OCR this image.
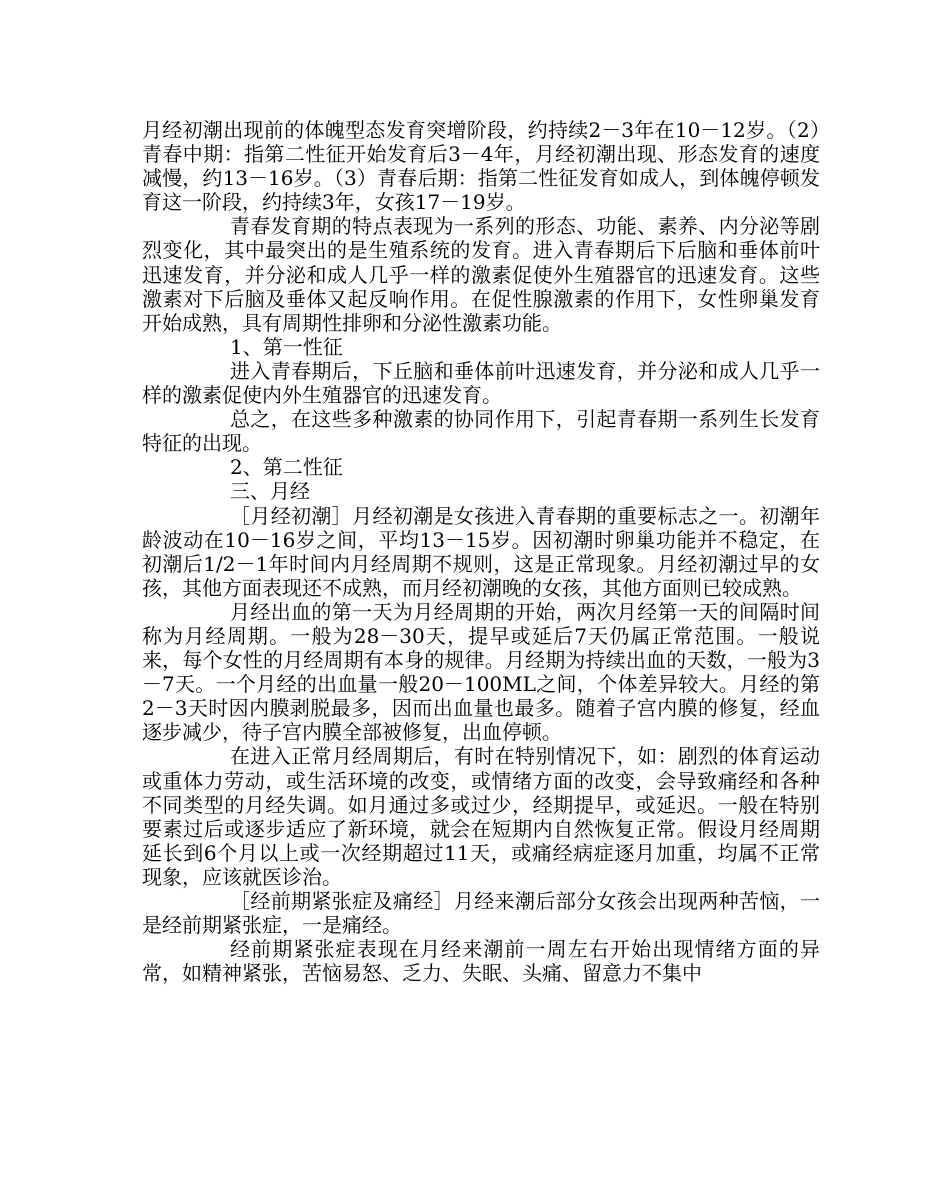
月经初潮出现前的体魄型态发育突增阶段，约持续2－3年在10－12岁。（2）青春中期：指第二性征开始发育后3－4年，月经初潮出现、形态发育的速度减慢，约13－16岁。（3）青春后期：指第二性征发育如成人，到体魄停顿发育这一阶段，约持续3年，女孩17－19岁。

青春发育期的特点表现为一系列的形态、功能、素养、内分泌等剧烈变化，其中最突出的是生殖系统的发育。进入青春期后下后脑和垂体前叶迅速发育，并分泌和成人几乎一样的激素促使外生殖器官的迅速发育。这些激素对下后脑及垂体又起反响作用。在促性腺激素的作用下，女性卵巢发育开始成熟，具有周期性排卵和分泌性激素功能。

1、第一性征

进入青春期后，下丘脑和垂体前叶迅速发育，并分泌和成人几乎一样的激素促使内外生殖器官的迅速发育。

总之，在这些多种激素的协同作用下，引起青春期一系列生长发育特征的出现。

2、第二性征

三、月经

［月经初潮］月经初潮是女孩进入青春期的重要标志之一。初潮年龄波动在10－16岁之间，平均13－15岁。因初潮时卵巢功能并不稳定，在初潮后1/2－1年时间内月经周期不规则，这是正常现象。月经初潮过早的女孩，其他方面表现还不成熟，而月经初潮晚的女孩，其他方面则已较成熟。

月经出血的第一天为月经周期的开始，两次月经第一天的间隔时间称为月经周期。一般为28－30天，提早或延后7天仍属正常范围。一般说来，每个女性的月经周期有本身的规律。月经期为持续出血的天数，一般为3－7天。一个月经的出血量一般20－100ML之间，个体差异较大。月经的第2－3天时因内膜剥脱最多，因而出血量也最多。随着子宫内膜的修复，经血逐步减少，待子宫内膜全部被修复，出血停顿。

在进入正常月经周期后，有时在特别情况下，如：剧烈的体育运动或重体力劳动，或生活环境的改变，或情绪方面的改变，会导致痛经和各种不同类型的月经失调。如月通过多或过少，经期提早，或延迟。一般在特别要素过后或逐步适应了新环境，就会在短期内自然恢复正常。假设月经周期延长到6个月以上或一次经期超过11天，或痛经病症逐月加重，均属不正常现象，应该就医诊治。

［经前期紧张症及痛经］月经来潮后部分女孩会出现两种苦恼，一是经前期紧张症，一是痛经。

经前期紧张症表现在月经来潮前一周左右开始出现情绪方面的异常，如精神紧张，苦恼易怒、乏力、失眠、头痛、留意力不集中
